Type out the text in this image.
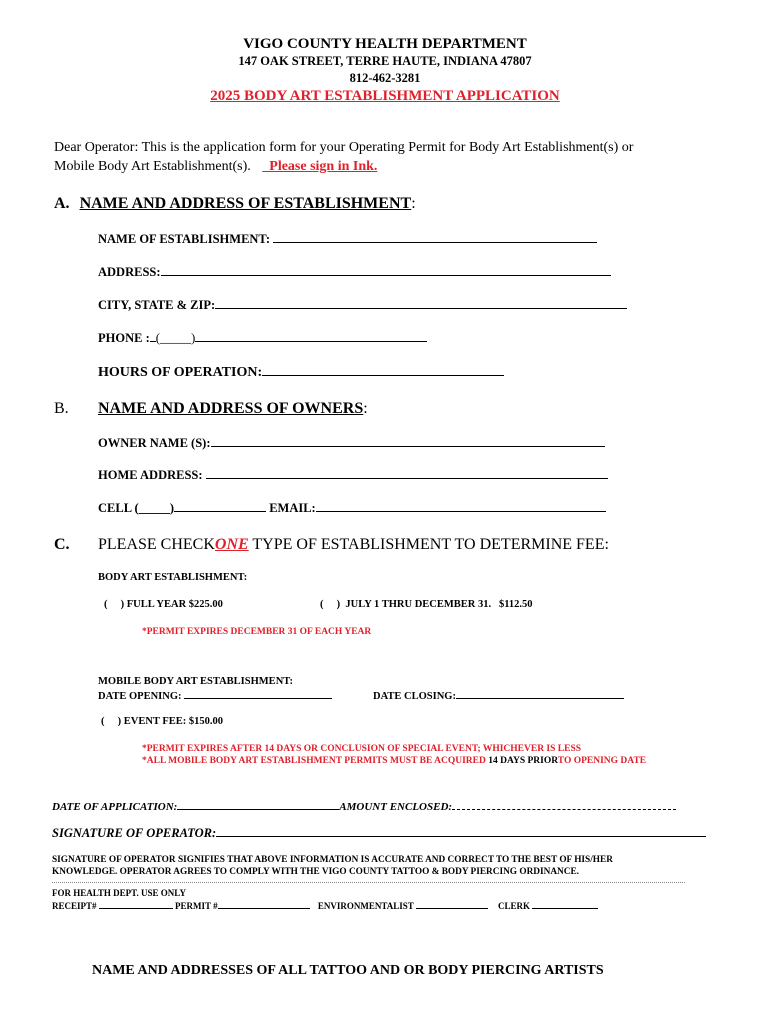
VIGO COUNTY HEALTH DEPARTMENT
147 OAK STREET, TERRE HAUTE, INDIANA 47807
812-462-3281
2025 BODY ART ESTABLISHMENT APPLICATION
Dear Operator: This is the application form for your Operating Permit for Body Art Establishment(s) or
Mobile Body Art Establishment(s). Please sign in Ink.
A. NAME AND ADDRESS OF ESTABLISHMENT:
NAME OF ESTABLISHMENT:
ADDRESS:
CITY, STATE & ZIP:
PHONE : (_____)
HOURS OF OPERATION:
B. NAME AND ADDRESS OF OWNERS:
OWNER NAME (S):
HOME ADDRESS:
CELL (_____)	EMAIL:
C. PLEASE CHECKONE TYPE OF ESTABLISHMENT TO DETERMINE FEE:
BODY ART ESTABLISHMENT:
(     ) FULL YEAR $225.00	(     )  JULY 1 THRU DECEMBER 31.   $112.50
*PERMIT EXPIRES DECEMBER 31 OF EACH YEAR
MOBILE BODY ART ESTABLISHMENT:
DATE OPENING:	DATE CLOSING:
(     ) EVENT FEE: $150.00
*PERMIT EXPIRES AFTER 14 DAYS OR CONCLUSION OF SPECIAL EVENT; WHICHEVER IS LESS
*ALL MOBILE BODY ART ESTABLISHMENT PERMITS MUST BE ACQUIRED 14 DAYS PRIORTO OPENING DATE
DATE OF APPLICATION:	AMOUNT ENCLOSED:
SIGNATURE OF OPERATOR:
SIGNATURE OF OPERATOR SIGNIFIES THAT ABOVE INFORMATION IS ACCURATE AND CORRECT TO THE BEST OF HIS/HER
KNOWLEDGE. OPERATOR AGREES TO COMPLY WITH THE VIGO COUNTY TATTOO & BODY PIERCING ORDINANCE.
FOR HEALTH DEPT. USE ONLY
RECEIPT#	PERMIT #	ENVIRONMENTALIST	CLERK
NAME AND ADDRESSES OF ALL TATTOO AND OR BODY PIERCING ARTISTS
